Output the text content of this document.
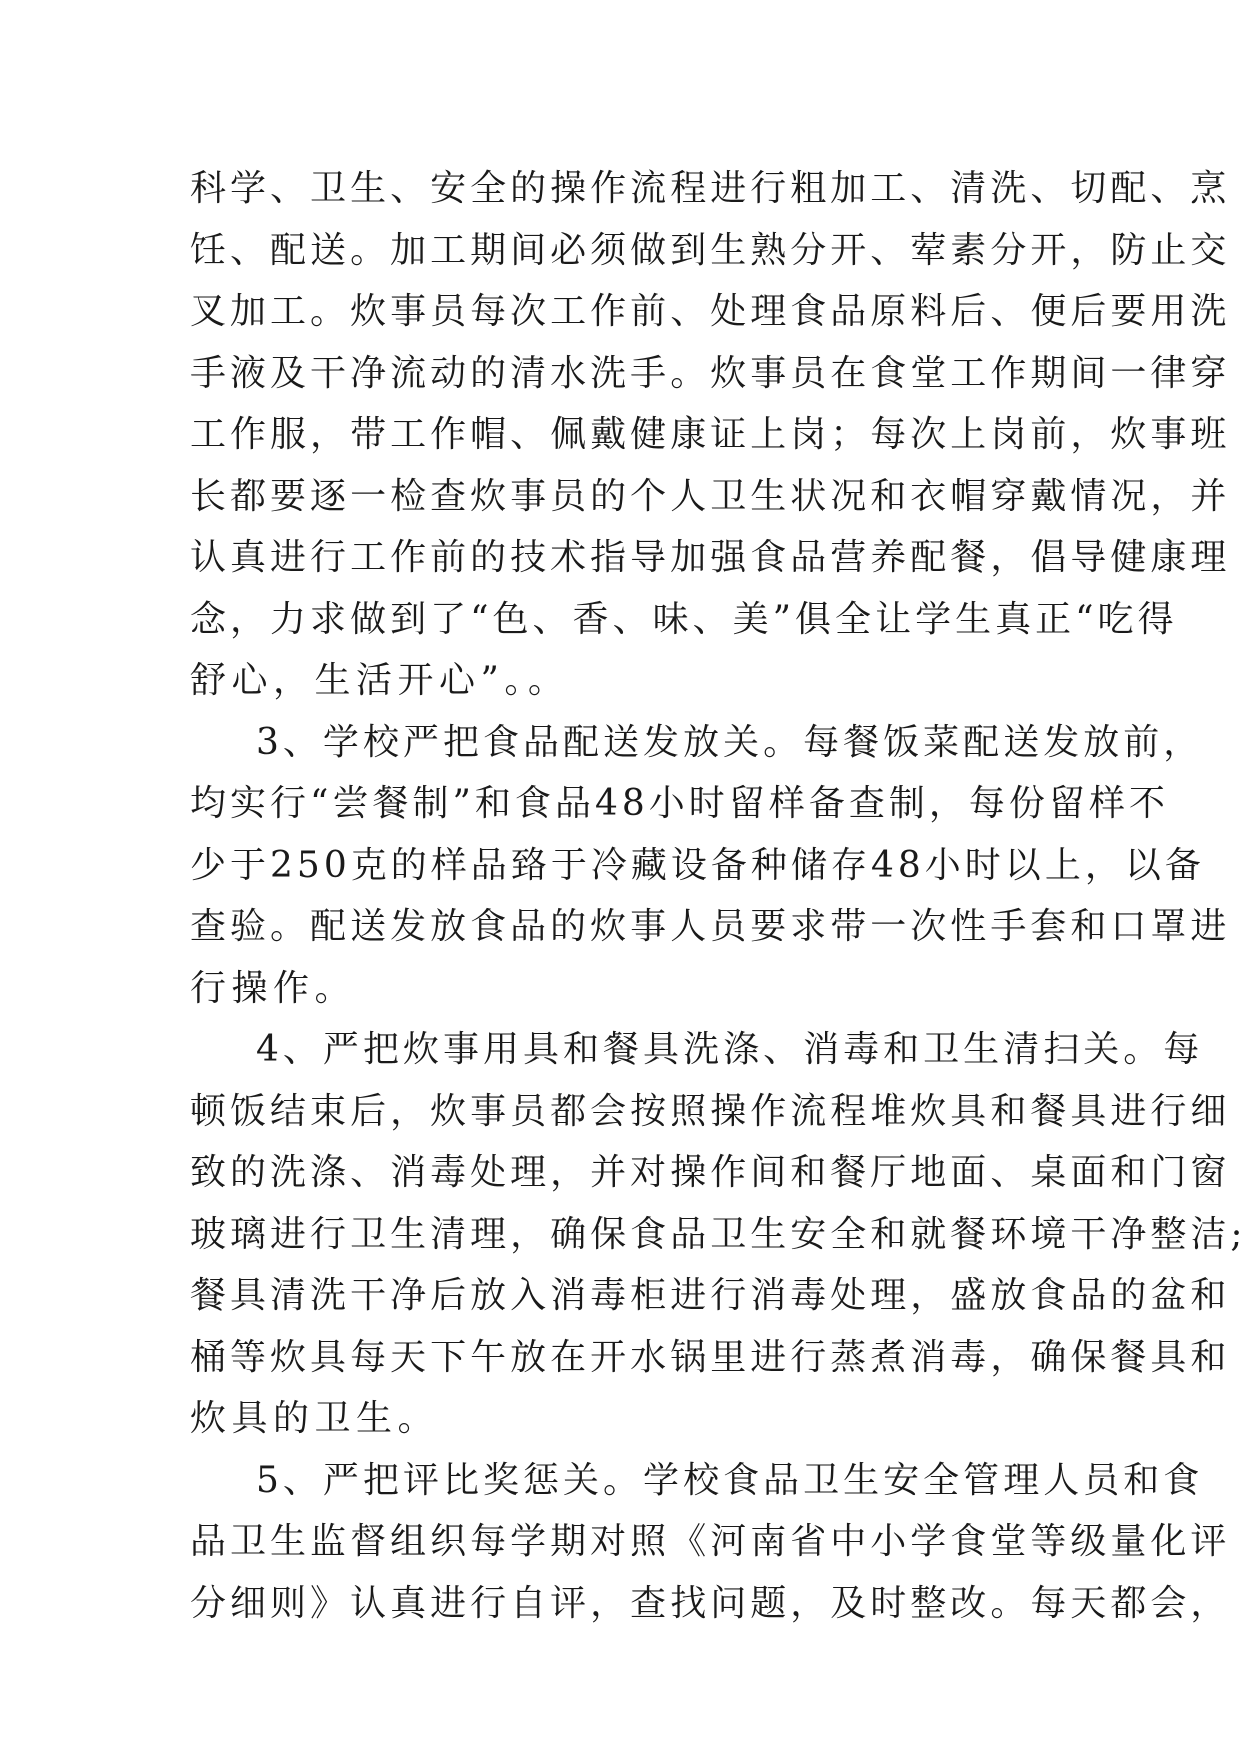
科 学 、 卫 生 、 安 全 的 操 作 流 程 进 行 粗 加 工 、 清 洗 、 切 配 、 烹
饪 、 配 送 。 加 工 期 间 必 须 做 到 生 熟 分 开 、 荤 素 分 开 ， 防 止 交
叉 加 工 。 炊 事 员 每 次 工 作 前 、 处 理 食 品 原 料 后 、 便 后 要 用 洗
手 液 及 干 净 流 动 的 清 水 洗 手 。 炊 事 员 在 食 堂 工 作 期 间 一 律 穿
工 作 服 ， 带 工 作 帽 、 佩 戴 健 康 证 上 岗 ； 每 次 上 岗 前 ， 炊 事 班
长 都 要 逐 一 检 查 炊 事 员 的 个 人 卫 生 状 况 和 衣 帽 穿 戴 情 况 ， 并
认 真 进 行 工 作 前 的 技 术 指 导 加 强 食 品 营 养 配 餐 ， 倡 导 健 康 理
念 ， 力 求 做 到 了 “ 色 、 香 、 味 、 美 ” 俱 全 让 学 生 真 正 “ 吃 得
舒心，生活开心”。。
3 、 学 校 严 把 食 品 配 送 发 放 关 。 每 餐 饭 菜 配 送 发 放 前 ，
均 实 行 “ 尝 餐 制 ” 和 食 品 48 小 时 留 样 备 查 制 ， 每 份 留 样 不
少 于 250 克 的 样 品 臵 于 冷 藏 设 备 种 储 存 48 小 时 以 上 ， 以 备
查 验 。 配 送 发 放 食 品 的 炊 事 人 员 要 求 带 一 次 性 手 套 和 口 罩 进
行操作。
4 、 严 把 炊 事 用 具 和 餐 具 洗 涤 、 消 毒 和 卫 生 清 扫 关 。 每
顿 饭 结 束 后 ， 炊 事 员 都 会 按 照 操 作 流 程 堆 炊 具 和 餐 具 进 行 细
致 的 洗 涤 、 消 毒 处 理 ， 并 对 操 作 间 和 餐 厅 地 面 、 桌 面 和 门 窗
玻 璃 进 行 卫 生 清 理 ， 确 保 食 品 卫 生 安 全 和 就 餐 环 境 干 净 整 洁 ;
餐 具 清 洗 干 净 后 放 入 消 毒 柜 进 行 消 毒 处 理 ， 盛 放 食 品 的 盆 和
桶 等 炊 具 每 天 下 午 放 在 开 水 锅 里 进 行 蒸 煮 消 毒 ， 确 保 餐 具 和
炊具的卫生。
5 、 严 把 评 比 奖 惩 关 。 学 校 食 品 卫 生 安 全 管 理 人 员 和 食
品 卫 生 监 督 组 织 每 学 期 对 照 《 河 南 省 中 小 学 食 堂 等 级 量 化 评
分 细 则 》 认 真 进 行 自 评 ， 查 找 问 题 ， 及 时 整 改 。 每 天 都 会 ，
